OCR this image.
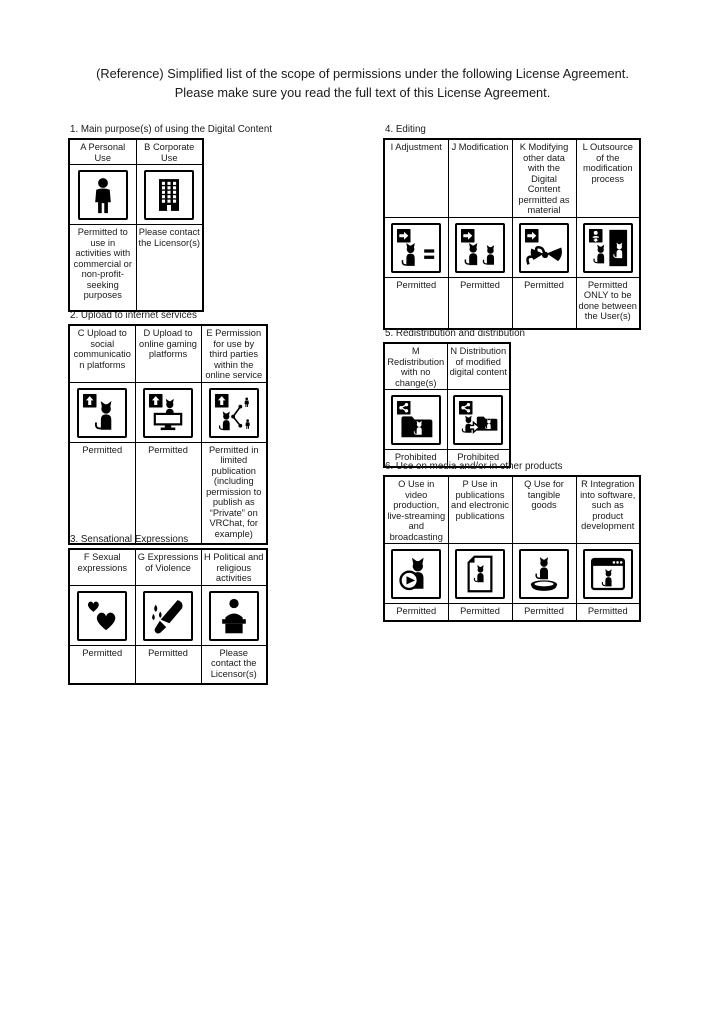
(Reference) Simplified list of the scope of permissions under the following License Agreement.
Please make sure you read the full text of this License Agreement.
1. Main purpose(s) of using the Digital Content
A Personal Use	B Corporate Use

Permitted to use in activities with commercial or non-profit-seeking purposes	Please contact the Licensor(s)
2. Upload to internet services
C Upload to social communication platforms	D Upload to online gaming platforms	E Permission for use by third parties within the online service

Permitted	Permitted	Permitted in limited publication (including permission to publish as “Private” on VRChat, for example)
3. Sensational Expressions
F Sexual expressions	G Expressions of Violence	H Political and religious activities

Permitted	Permitted	Please contact the Licensor(s)
4. Editing
I Adjustment	J Modification	K Modifying other data with the Digital Content permitted as material	L Outsource of the modification process

Permitted	Permitted	Permitted	Permitted ONLY to be done between the User(s)
5. Redistribution and distribution
M Redistribution with no change(s)	N Distribution of modified digital content

Prohibited	Prohibited
6. Use on media and/or in other products
O Use in video production, live-streaming and broadcasting	P Use in publications and electronic publications	Q Use for tangible goods	R Integration into software, such as product development

Permitted	Permitted	Permitted	Permitted
